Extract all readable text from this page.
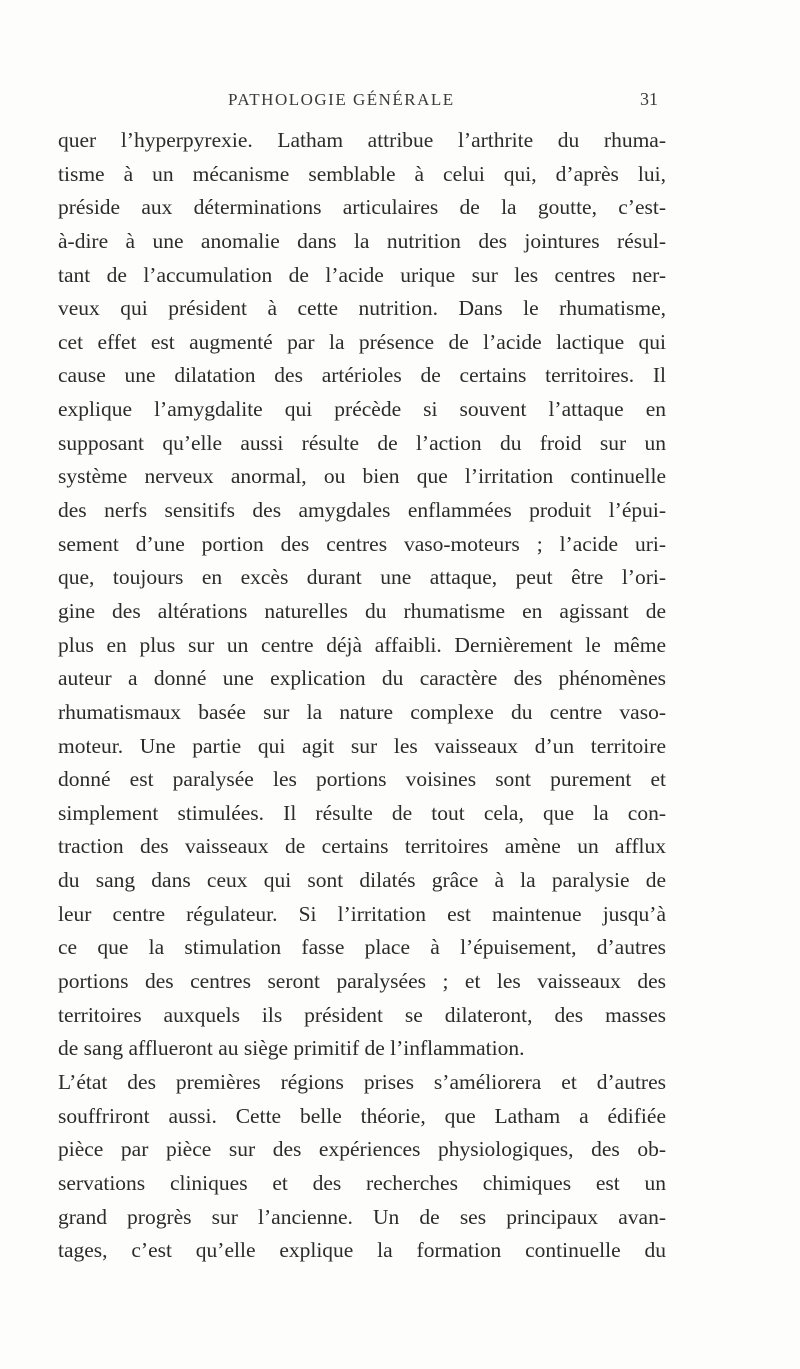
PATHOLOGIE GÉNÉRALE	31
quer l’hyperpyrexie. Latham attribue l’arthrite du rhuma-
tisme à un mécanisme semblable à celui qui, d’après lui,
préside aux déterminations articulaires de la goutte, c’est-
à-dire à une anomalie dans la nutrition des jointures résul-
tant de l’accumulation de l’acide urique sur les centres ner-
veux qui président à cette nutrition. Dans le rhumatisme,
cet effet est augmenté par la présence de l’acide lactique qui
cause une dilatation des artérioles de certains territoires. Il
explique l’amygdalite qui précède si souvent l’attaque en
supposant qu’elle aussi résulte de l’action du froid sur un
système nerveux anormal, ou bien que l’irritation continuelle
des nerfs sensitifs des amygdales enflammées produit l’épui-
sement d’une portion des centres vaso-moteurs ; l’acide uri-
que, toujours en excès durant une attaque, peut être l’ori-
gine des altérations naturelles du rhumatisme en agissant de
plus en plus sur un centre déjà affaibli. Dernièrement le même
auteur a donné une explication du caractère des phénomènes
rhumatismaux basée sur la nature complexe du centre vaso-
moteur. Une partie qui agit sur les vaisseaux d’un territoire
donné est paralysée les portions voisines sont purement et
simplement stimulées. Il résulte de tout cela, que la con-
traction des vaisseaux de certains territoires amène un afflux
du sang dans ceux qui sont dilatés grâce à la paralysie de
leur centre régulateur. Si l’irritation est maintenue jusqu’à
ce que la stimulation fasse place à l’épuisement, d’autres
portions des centres seront paralysées ; et les vaisseaux des
territoires auxquels ils président se dilateront, des masses
de sang afflueront au siège primitif de l’inflammation.
L’état des premières régions prises s’améliorera et d’autres
souffriront aussi. Cette belle théorie, que Latham a édifiée
pièce par pièce sur des expériences physiologiques, des ob-
servations cliniques et des recherches chimiques est un
grand progrès sur l’ancienne. Un de ses principaux avan-
tages, c’est qu’elle explique la formation continuelle du
